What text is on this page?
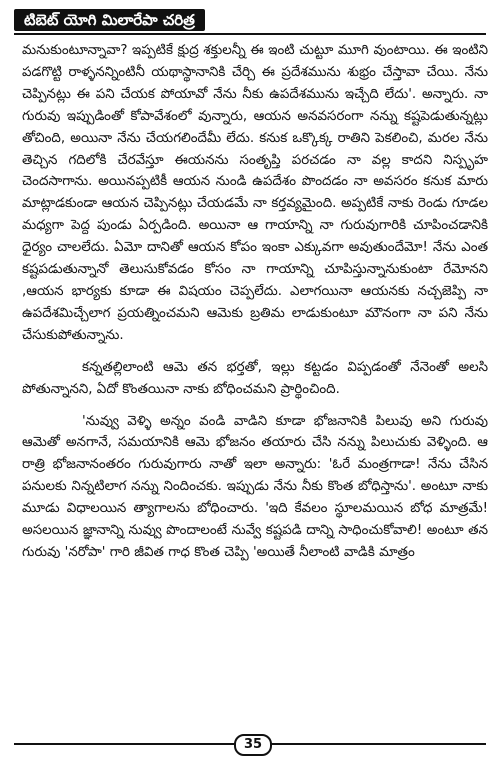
టిబెట్ యోగి మిలారేపా చరిత్ర

మనుకుంటూన్నావా? ఇప్పటికే క్షుద్ర శక్తులన్నీ ఈ ఇంటి చుట్టూ మూగి వుంటాయి. ఈ ఇంటిని పడగొట్టి రాళ్ళనన్నింటినీ యథాస్థానానికి చేర్చి ఈ ప్రదేశమును శుభ్రం చేస్తావా చేయి. నేను చెప్పినట్లు ఈ పని చేయక పోయావో నేను నీకు ఉపదేశమును ఇచ్చేది లేదు'. అన్నారు. నా గురువు ఇప్పుడింతో కోపావేశంలో వున్నారు, ఆయన అనవసరంగా నన్ను కష్టపెడుతున్నట్లు తోచింది, అయినా నేను చేయగలిందేమీ లేదు. కనుక ఒక్కొక్క రాతిని పెకలించి, మరల నేను తెచ్చిన గదిలోకి చేరవేస్తూ ఈయనను సంతృప్తి పరచడం నా వల్ల కాదని నిస్పృహ చెందసాగాను. అయినప్పటికీ ఆయన నుండి ఉపదేశం పొందడం నా అవసరం కనుక మారు మాట్లాడకుండా ఆయన చెప్పినట్లు చేయడమే నా కర్తవ్యమైంది. అప్పటికే నాకు రెండు గూడల మధ్యగా పెద్ద పుండు ఏర్పడింది. అయినా ఆ గాయాన్ని నా గురువుగారికి చూపించడానికి ధైర్యం చాలలేదు. ఏమో దానితో ఆయన కోపం ఇంకా ఎక్కువగా అవుతుందేమో! నేను ఎంత కష్టపడుతున్నానో తెలుసుకోవడం కోసం నా గాయాన్ని చూపిస్తున్నానుకుంటా రేమోనని ,ఆయన భార్యకు కూడా ఈ విషయం చెప్పలేదు. ఎలాగయినా ఆయనకు నచ్చజెప్పి నా ఉపదేశమిచ్చేలాగ ప్రయత్నించమని ఆమెకు బ్రతిమ లాడుకుంటూ మౌనంగా నా పని నేను చేసుకుపోతున్నాను.

కన్నతల్లిలాంటి ఆమె తన భర్తతో, ఇల్లు కట్టడం విప్పడంతో నేనెంతో అలసి పోతున్నానని, ఏదో కొంతయినా నాకు బోధించమని ప్రార్థించింది.

'నువ్వు వెళ్ళి అన్నం వండి వాడిని కూడా భోజనానికి పిలువు అని గురువు ఆమెతో అనగానే, సమయానికి ఆమె భోజనం తయారు చేసి నన్ను పిలుచుకు వెళ్ళింది. ఆ రాత్రి భోజనానంతరం గురువుగారు నాతో ఇలా అన్నారు: 'ఓరే మంత్రగాడా! నేను చేసిన పనులకు నిన్నటిలాగ నన్ను నిందించకు. ఇప్పుడు నేను నీకు కొంత బోధిస్తాను'. అంటూ నాకు మూడు విధాలయిన త్యాగాలను బోధించారు. 'ఇది కేవలం స్థూలమయిన బోధ మాత్రమే! అసలయిన జ్ఞానాన్ని నువ్వు పొందాలంటే నువ్వే కష్టపడి దాన్ని సాధించుకోవాలి! అంటూ తన గురువు 'నరోపా' గారి జీవిత గాధ కొంత చెప్పి 'అయితే నీలాంటి వాడికి మాత్రం

35
